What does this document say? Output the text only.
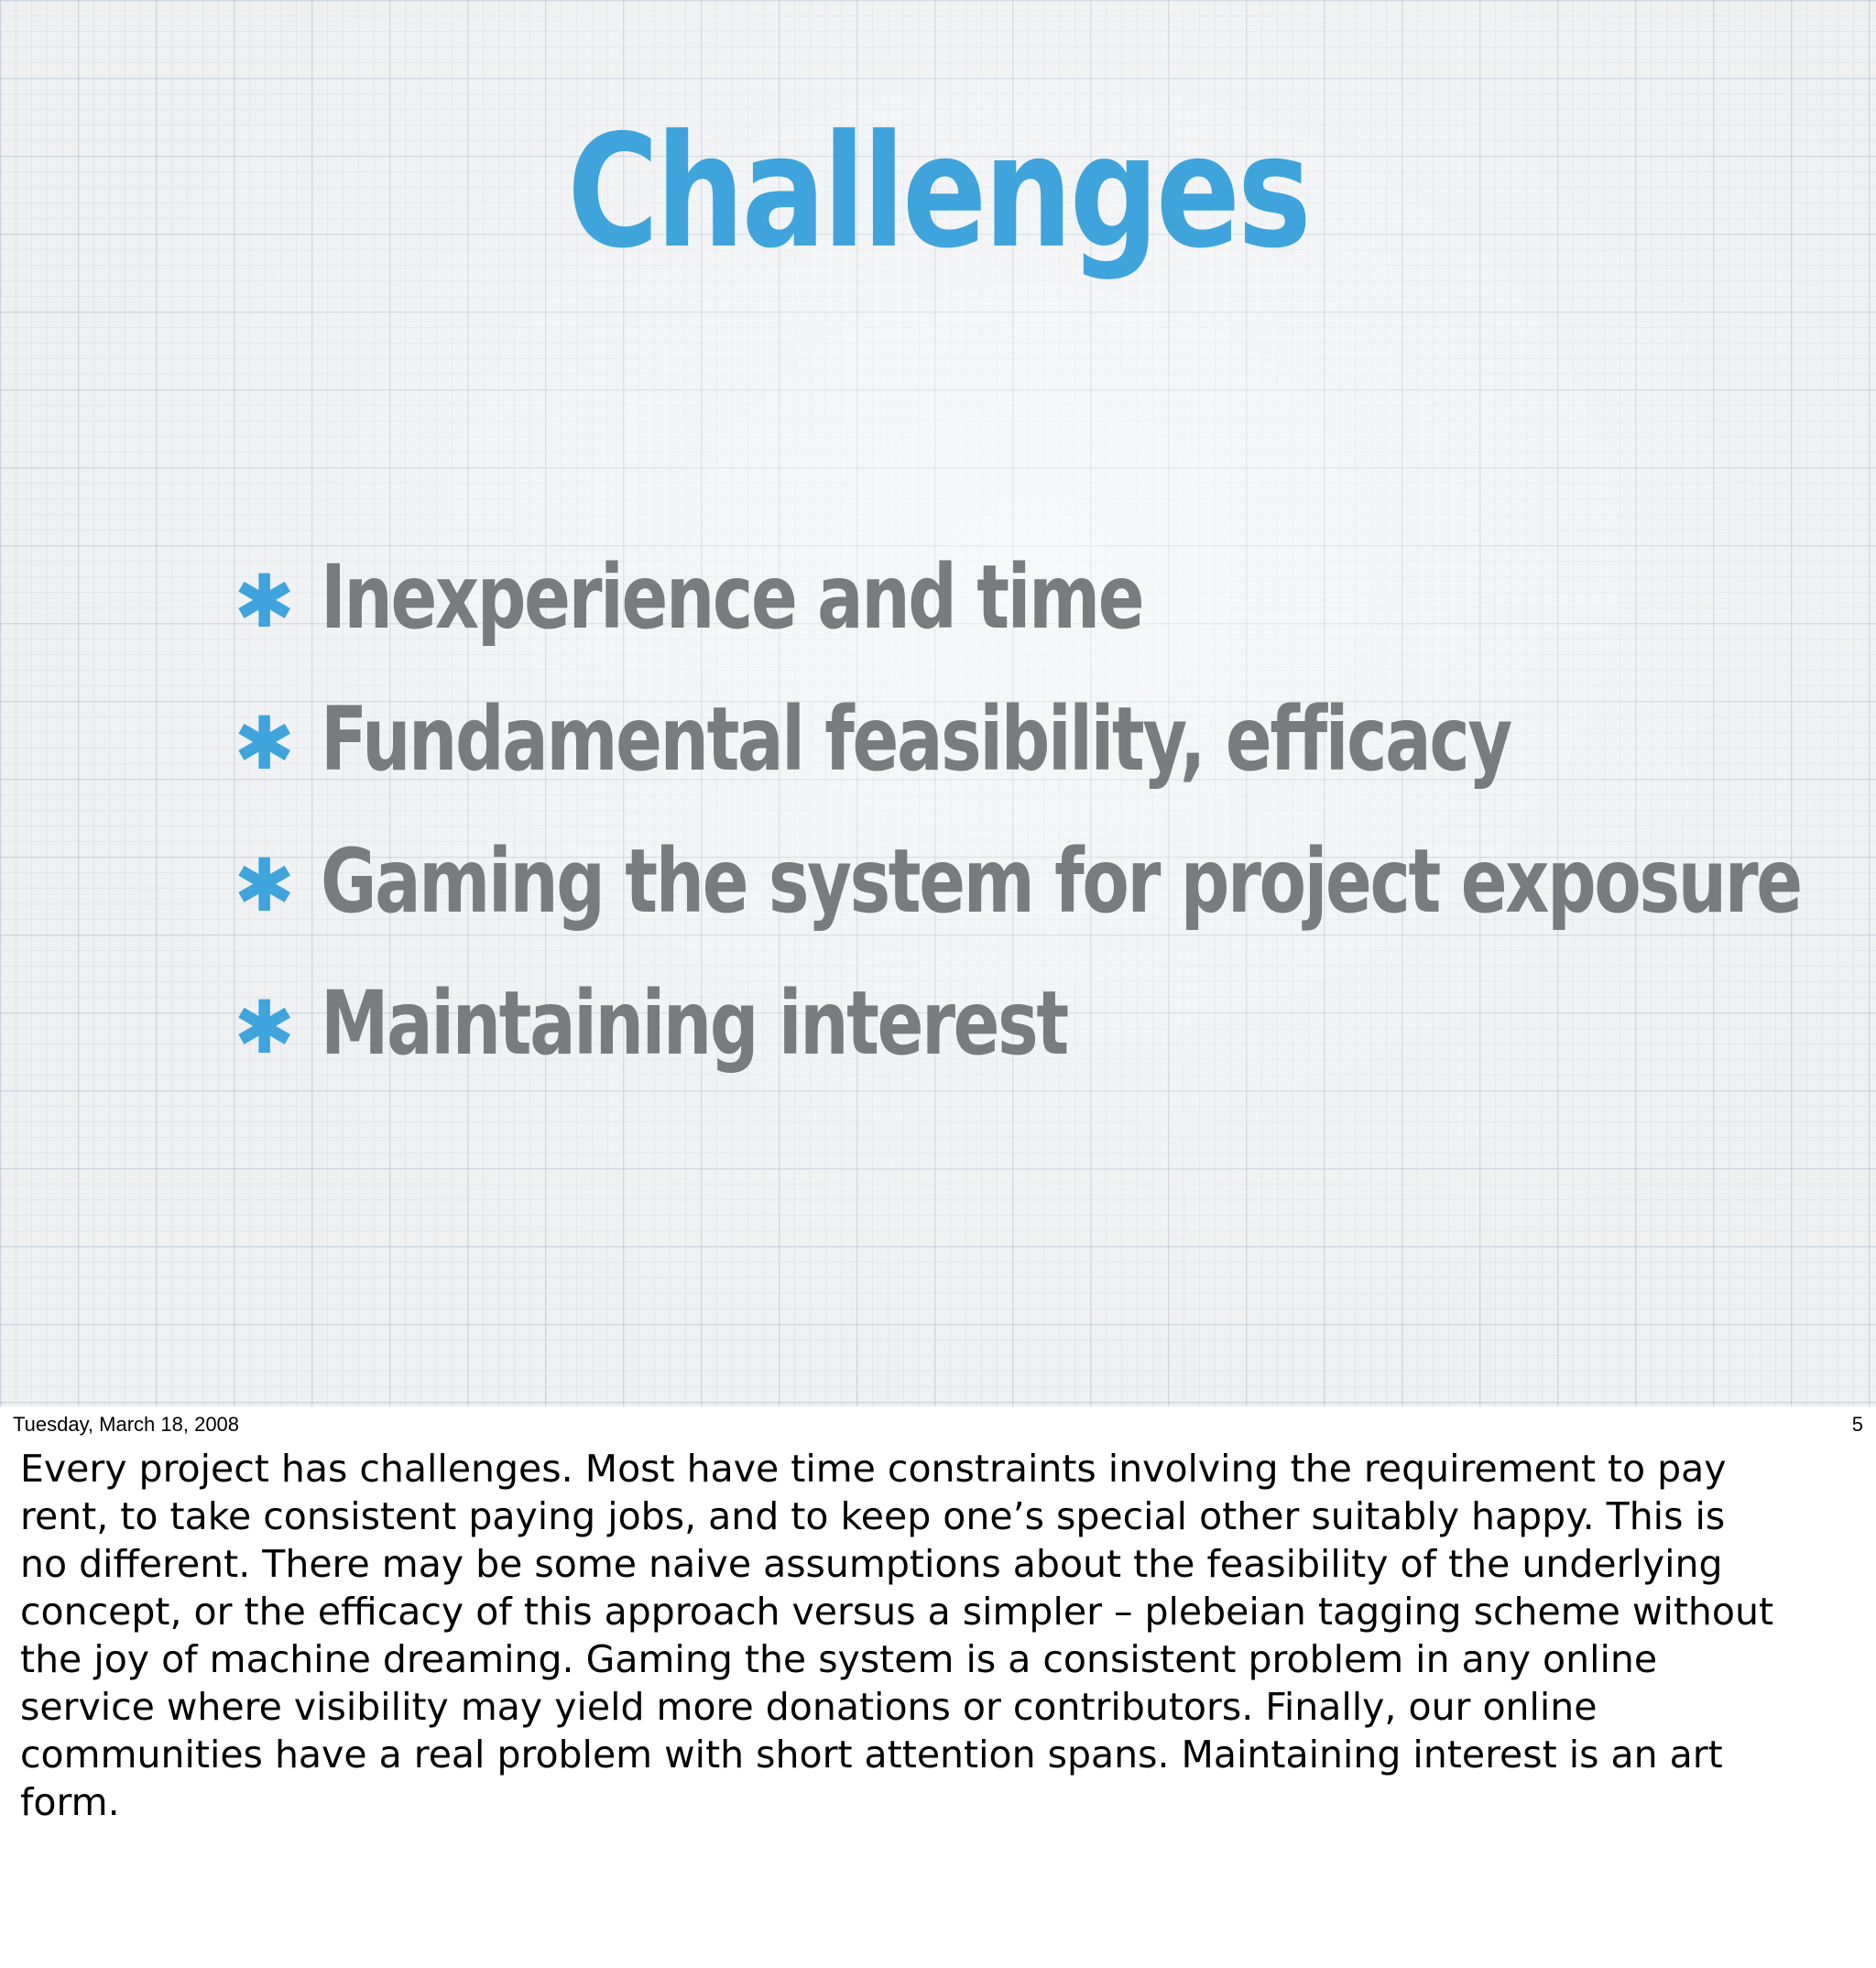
Challenges
✱ Inexperience and time
✱ Fundamental feasibility, efficacy
✱ Gaming the system for project exposure
✱ Maintaining interest
Tuesday, March 18, 2008	5

Every project has challenges. Most have time constraints involving the requirement to pay
rent, to take consistent paying jobs, and to keep one’s special other suitably happy. This is
no different. There may be some naive assumptions about the feasibility of the underlying
concept, or the efficacy of this approach versus a simpler – plebeian tagging scheme without
the joy of machine dreaming. Gaming the system is a consistent problem in any online
service where visibility may yield more donations or contributors. Finally, our online
communities have a real problem with short attention spans. Maintaining interest is an art
form.
